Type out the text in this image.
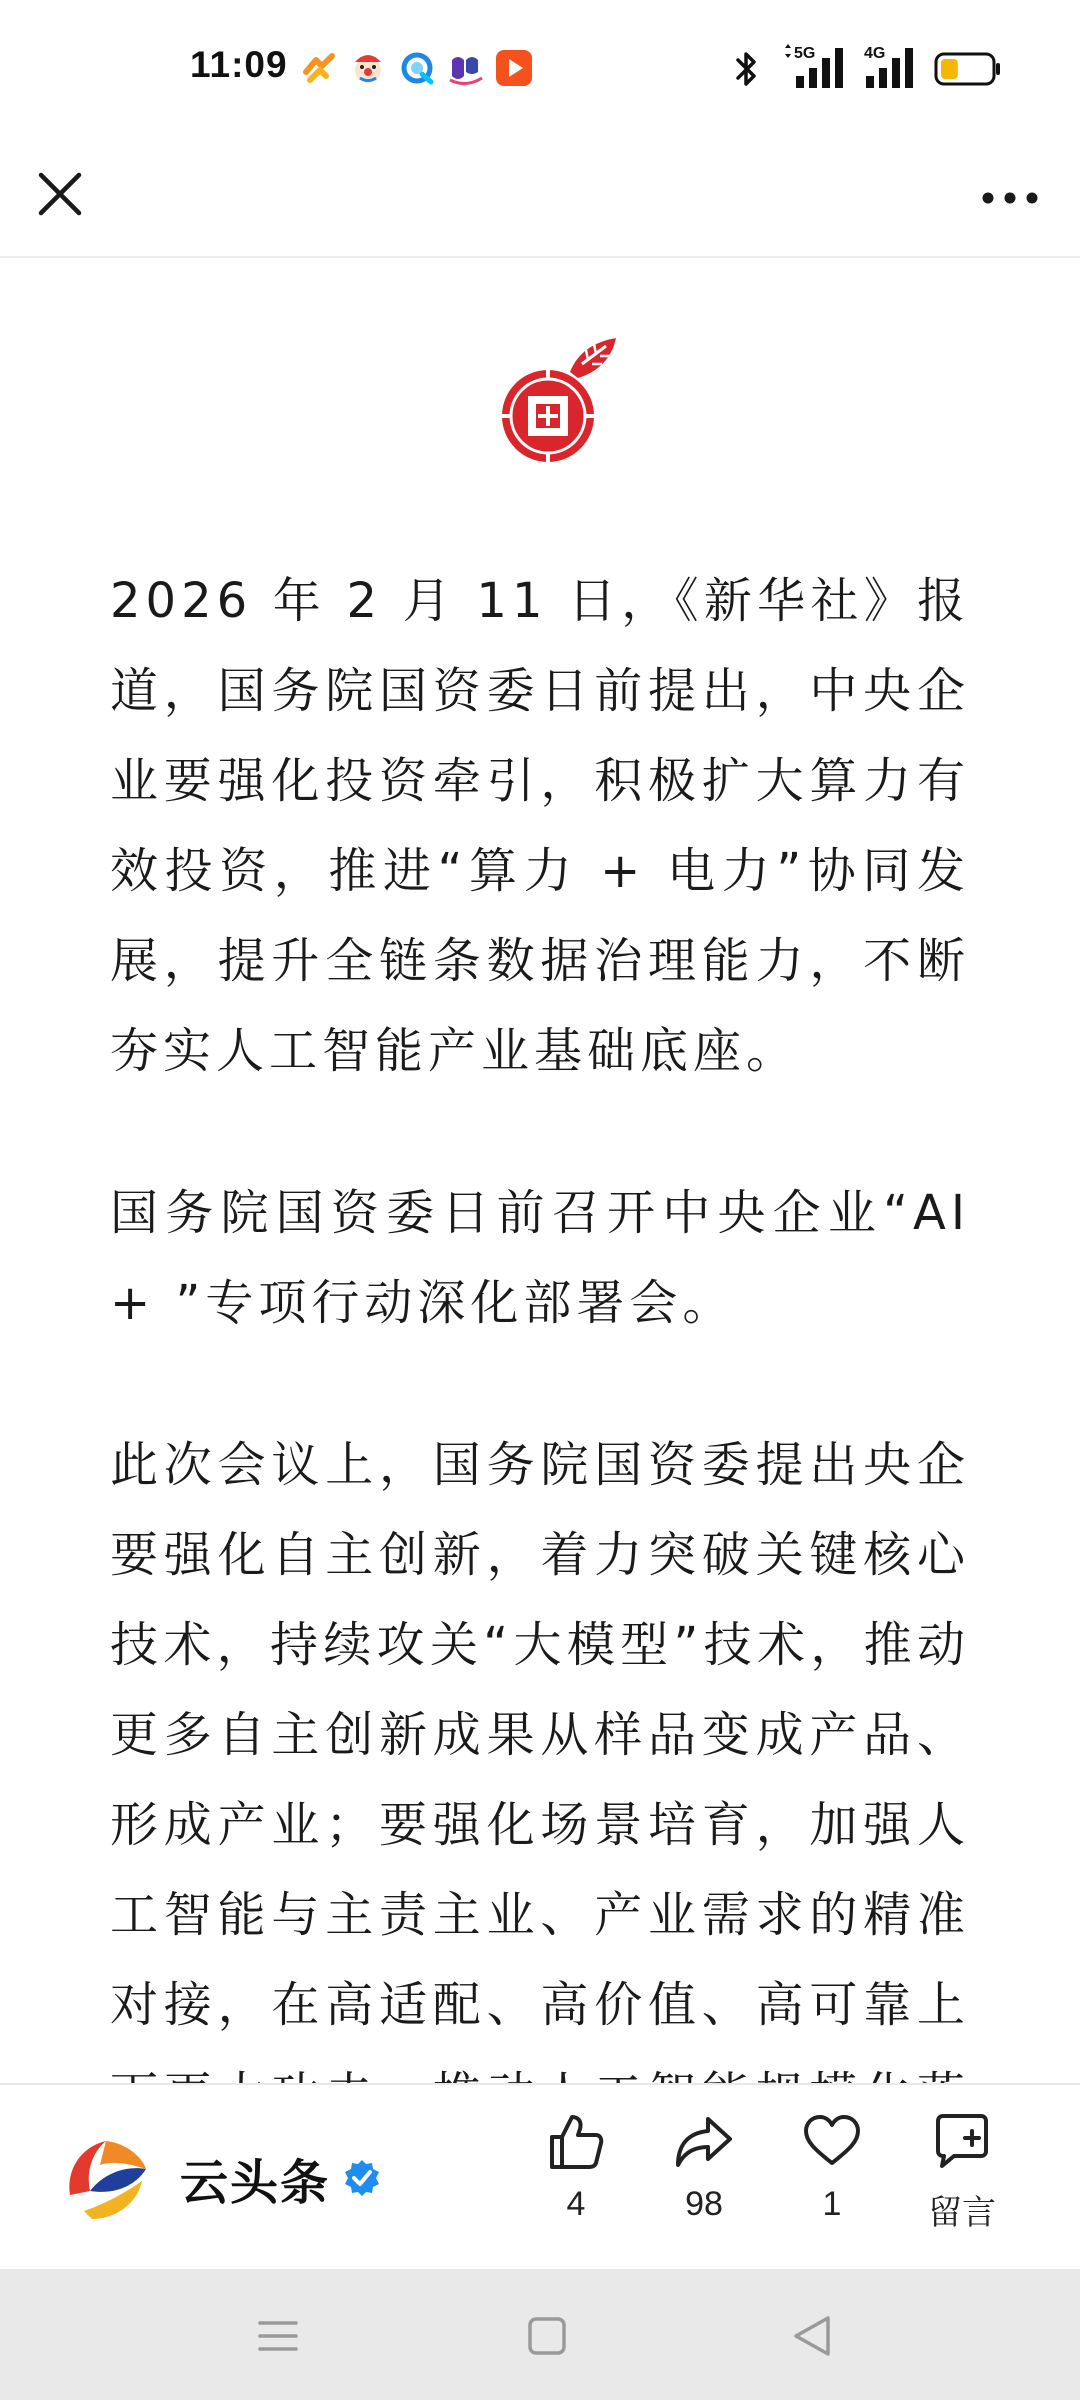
11:09	5G	4G

2026 年 2 月 11 日，《新华社》报道，国务院国资委日前提出，中央企业要强化投资牵引，积极扩大算力有效投资，推进“算力 + 电力”协同发展，提升全链条数据治理能力，不断夯实人工智能产业基础底座。

国务院国资委日前召开中央企业“AI + ”专项行动深化部署会。

此次会议上，国务院国资委提出央企要强化自主创新，着力突破关键核心技术，持续攻关“大模型”技术，推动更多自主创新成果从样品变成产品、形成产业；要强化场景培育，加强人工智能与主责主业、产业需求的精准对接，在高适配、高价值、高可靠上

云头条	4	98	1	留言
